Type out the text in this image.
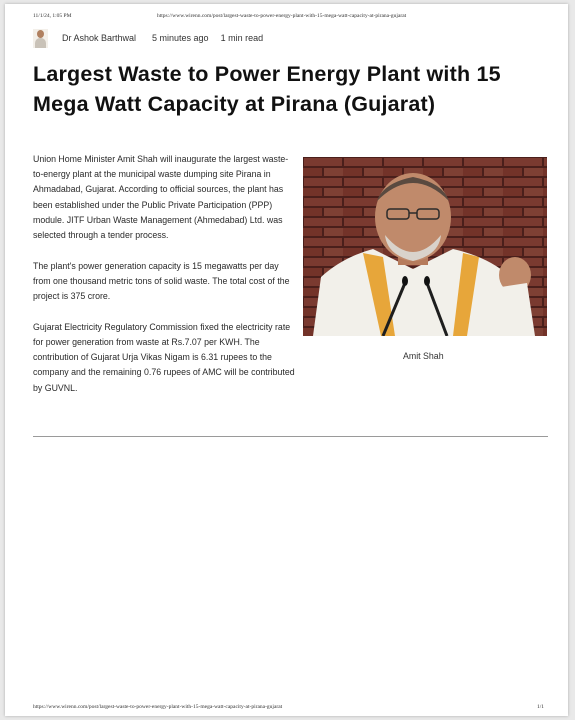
11/1/24, 1:05 PM	https://www.wirenn.com/post/largest-waste-to-power-energy-plant-with-15-mega-watt-capacity-at-pirana-gujarat
Dr Ashok Barthwal 5 minutes ago 1 min read
Largest Waste to Power Energy Plant with 15 Mega Watt Capacity at Pirana (Gujarat)

Union Home Minister Amit Shah will inaugurate the largest waste-to-energy plant at the municipal waste dumping site Pirana in Ahmadabad, Gujarat. According to official sources, the plant has been established under the Public Private Participation (PPP) module. JITF Urban Waste Management (Ahmedabad) Ltd. was selected through a tender process.

The plant's power generation capacity is 15 megawatts per day from one thousand metric tons of solid waste. The total cost of the project is 375 crore.

Gujarat Electricity Regulatory Commission fixed the electricity rate for power generation from waste at Rs.7.07 per KWH. The contribution of Gujarat Urja Vikas Nigam is 6.31 rupees to the company and the remaining 0.76 rupees of AMC will be contributed by GUVNL.

Amit Shah
https://www.wirenn.com/post/largest-waste-to-power-energy-plant-with-15-mega-watt-capacity-at-pirana-gujarat	1/1
